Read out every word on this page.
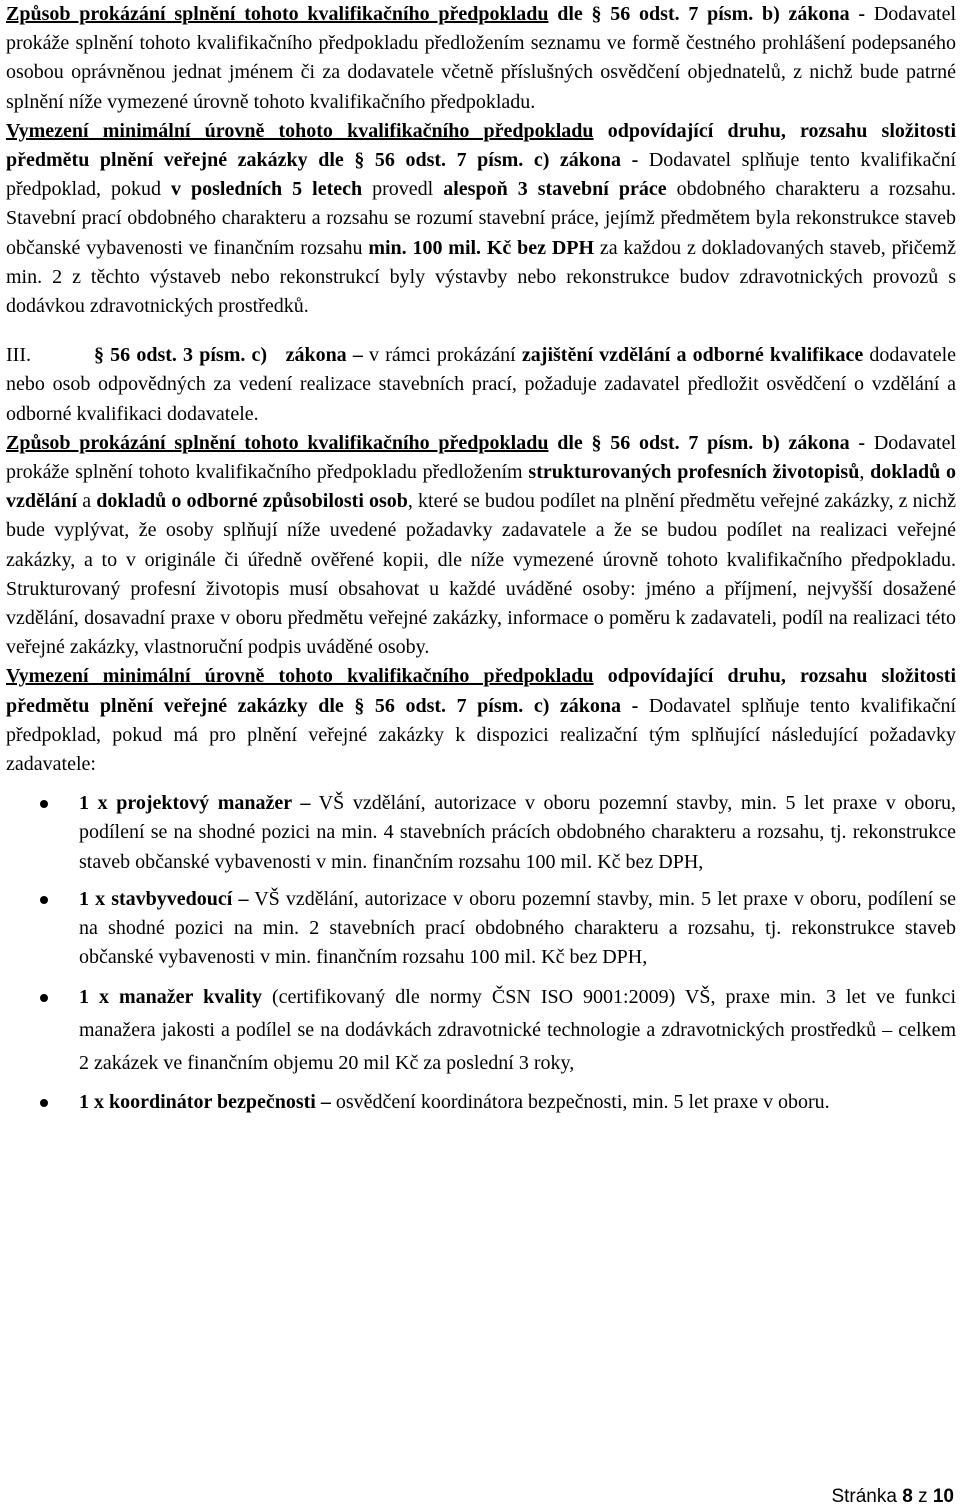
Způsob prokázání splnění tohoto kvalifikačního předpokladu dle § 56 odst. 7 písm. b) zákona - Dodavatel prokáže splnění tohoto kvalifikačního předpokladu předložením seznamu ve formě čestného prohlášení podepsaného osobou oprávněnou jednat jménem či za dodavatele včetně příslušných osvědčení objednatelů, z nichž bude patrné splnění níže vymezené úrovně tohoto kvalifikačního předpokladu.

Vymezení minimální úrovně tohoto kvalifikačního předpokladu odpovídající druhu, rozsahu složitosti předmětu plnění veřejné zakázky dle § 56 odst. 7 písm. c) zákona - Dodavatel splňuje tento kvalifikační předpoklad, pokud v posledních 5 letech provedl alespoň 3 stavební práce obdobného charakteru a rozsahu. Stavební prací obdobného charakteru a rozsahu se rozumí stavební práce, jejímž předmětem byla rekonstrukce staveb občanské vybavenosti ve finančním rozsahu min. 100 mil. Kč bez DPH za každou z dokladovaných staveb, přičemž min. 2 z těchto výstaveb nebo rekonstrukcí byly výstavby nebo rekonstrukce budov zdravotnických provozů s dodávkou zdravotnických prostředků.

III.	§ 56 odst. 3 písm. c) zákona – v rámci prokázání zajištění vzdělání a odborné kvalifikace dodavatele nebo osob odpovědných za vedení realizace stavebních prací, požaduje zadavatel předložit osvědčení o vzdělání a odborné kvalifikaci dodavatele.

Způsob prokázání splnění tohoto kvalifikačního předpokladu dle § 56 odst. 7 písm. b) zákona - Dodavatel prokáže splnění tohoto kvalifikačního předpokladu předložením strukturovaných profesních životopisů, dokladů o vzdělání a dokladů o odborné způsobilosti osob, které se budou podílet na plnění předmětu veřejné zakázky, z nichž bude vyplývat, že osoby splňují níže uvedené požadavky zadavatele a že se budou podílet na realizaci veřejné zakázky, a to v originále či úředně ověřené kopii, dle níže vymezené úrovně tohoto kvalifikačního předpokladu. Strukturovaný profesní životopis musí obsahovat u každé uváděné osoby: jméno a příjmení, nejvyšší dosažené vzdělání, dosavadní praxe v oboru předmětu veřejné zakázky, informace o poměru k zadavateli, podíl na realizaci této veřejné zakázky, vlastnoruční podpis uváděné osoby.

Vymezení minimální úrovně tohoto kvalifikačního předpokladu odpovídající druhu, rozsahu složitosti předmětu plnění veřejné zakázky dle § 56 odst. 7 písm. c) zákona - Dodavatel splňuje tento kvalifikační předpoklad, pokud má pro plnění veřejné zakázky k dispozici realizační tým splňující následující požadavky zadavatele:

1 x projektový manažer – VŠ vzdělání, autorizace v oboru pozemní stavby, min. 5 let praxe v oboru, podílení se na shodné pozici na min. 4 stavebních prácích obdobného charakteru a rozsahu, tj. rekonstrukce staveb občanské vybavenosti v min. finančním rozsahu 100 mil. Kč bez DPH,
1 x stavbyvedoucí – VŠ vzdělání, autorizace v oboru pozemní stavby, min. 5 let praxe v oboru, podílení se na shodné pozici na min. 2 stavebních prací obdobného charakteru a rozsahu, tj. rekonstrukce staveb občanské vybavenosti v min. finančním rozsahu 100 mil. Kč bez DPH,
1 x manažer kvality (certifikovaný dle normy ČSN ISO 9001:2009) VŠ, praxe min. 3 let ve funkci manažera jakosti a podílel se na dodávkách zdravotnické technologie a zdravotnických prostředků – celkem 2 zakázek ve finančním objemu 20 mil Kč za poslední 3 roky,
1 x koordinátor bezpečnosti – osvědčení koordinátora bezpečnosti, min. 5 let praxe v oboru.
Stránka 8 z 10
